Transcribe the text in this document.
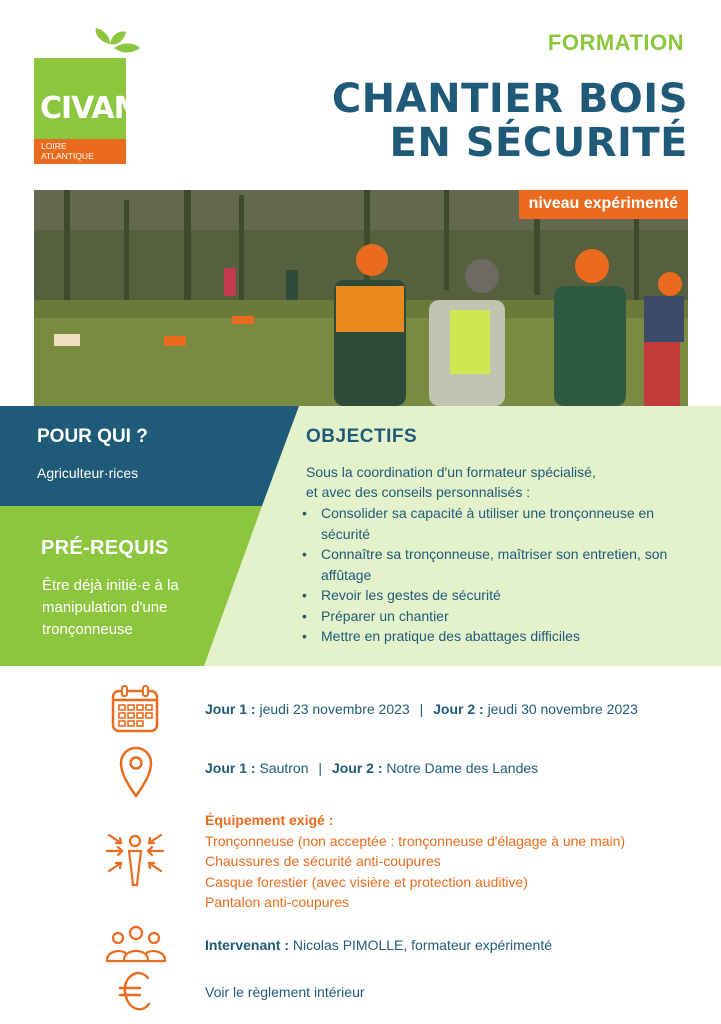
CIVAM
LOIRE
ATLANTIQUE
FORMATION
CHANTIER BOIS
EN SÉCURITÉ
niveau expérimenté
POUR QUI ?
Agriculteur·rices
PRÉ-REQUIS
Être déjà initié·e à la manipulation d'une tronçonneuse
OBJECTIFS
Sous la coordination d'un formateur spécialisé,
et avec des conseils personnalisés :
• Consolider sa capacité à utiliser une tronçonneuse en sécurité
• Connaître sa tronçonneuse, maîtriser son entretien, son affûtage
• Revoir les gestes de sécurité
• Préparer un chantier
• Mettre en pratique des abattages difficiles
Jour 1 : jeudi 23 novembre 2023 | Jour 2 : jeudi 30 novembre 2023
Jour 1 : Sautron | Jour 2 : Notre Dame des Landes
Équipement exigé :
Tronçonneuse (non acceptée : tronçonneuse d'élagage à une main)
Chaussures de sécurité anti-coupures
Casque forestier (avec visière et protection auditive)
Pantalon anti-coupures
Intervenant : Nicolas PIMOLLE, formateur expérimenté
Voir le règlement intérieur
